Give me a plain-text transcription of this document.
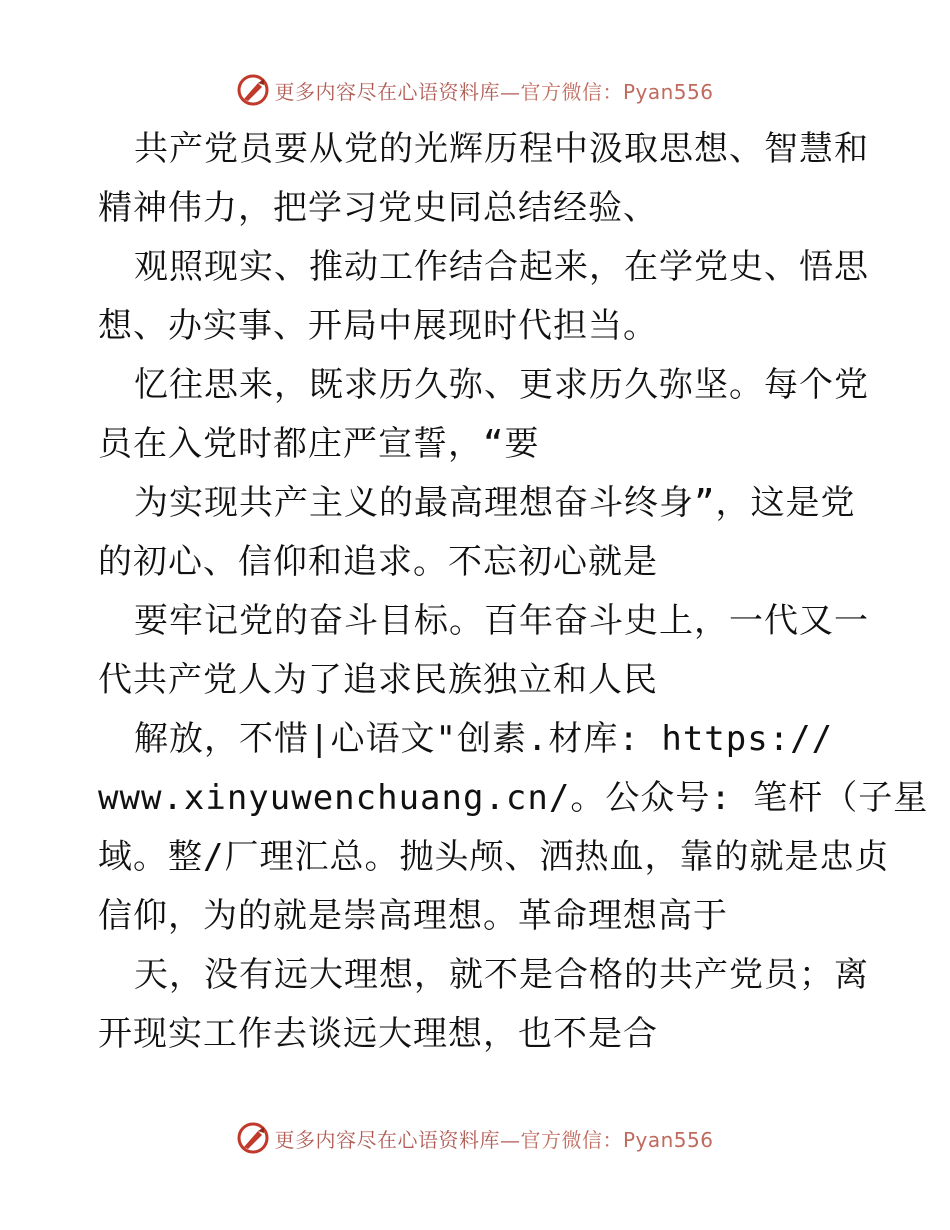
更多内容尽在心语资料库—官方微信：Pyan556
共产党员要从党的光辉历程中汲取思想、智慧和
精神伟力，把学习党史同总结经验、
观照现实、推动工作结合起来，在学党史、悟思
想、办实事、开局中展现时代担当。
忆往思来，既求历久弥、更求历久弥坚。每个党
员在入党时都庄严宣誓，“要
为实现共产主义的最高理想奋斗终身”，这是党
的初心、信仰和追求。不忘初心就是
要牢记党的奋斗目标。百年奋斗史上，一代又一
代共产党人为了追求民族独立和人民
解放，不惜|心语文"创素.材库: https://
www.xinyuwenchuang.cn/。公众号: 笔杆（子星
域。整/厂理汇总。抛头颅、洒热血，靠的就是忠贞
信仰，为的就是崇高理想。革命理想高于
天，没有远大理想，就不是合格的共产党员；离
开现实工作去谈远大理想，也不是合
更多内容尽在心语资料库—官方微信：Pyan556
